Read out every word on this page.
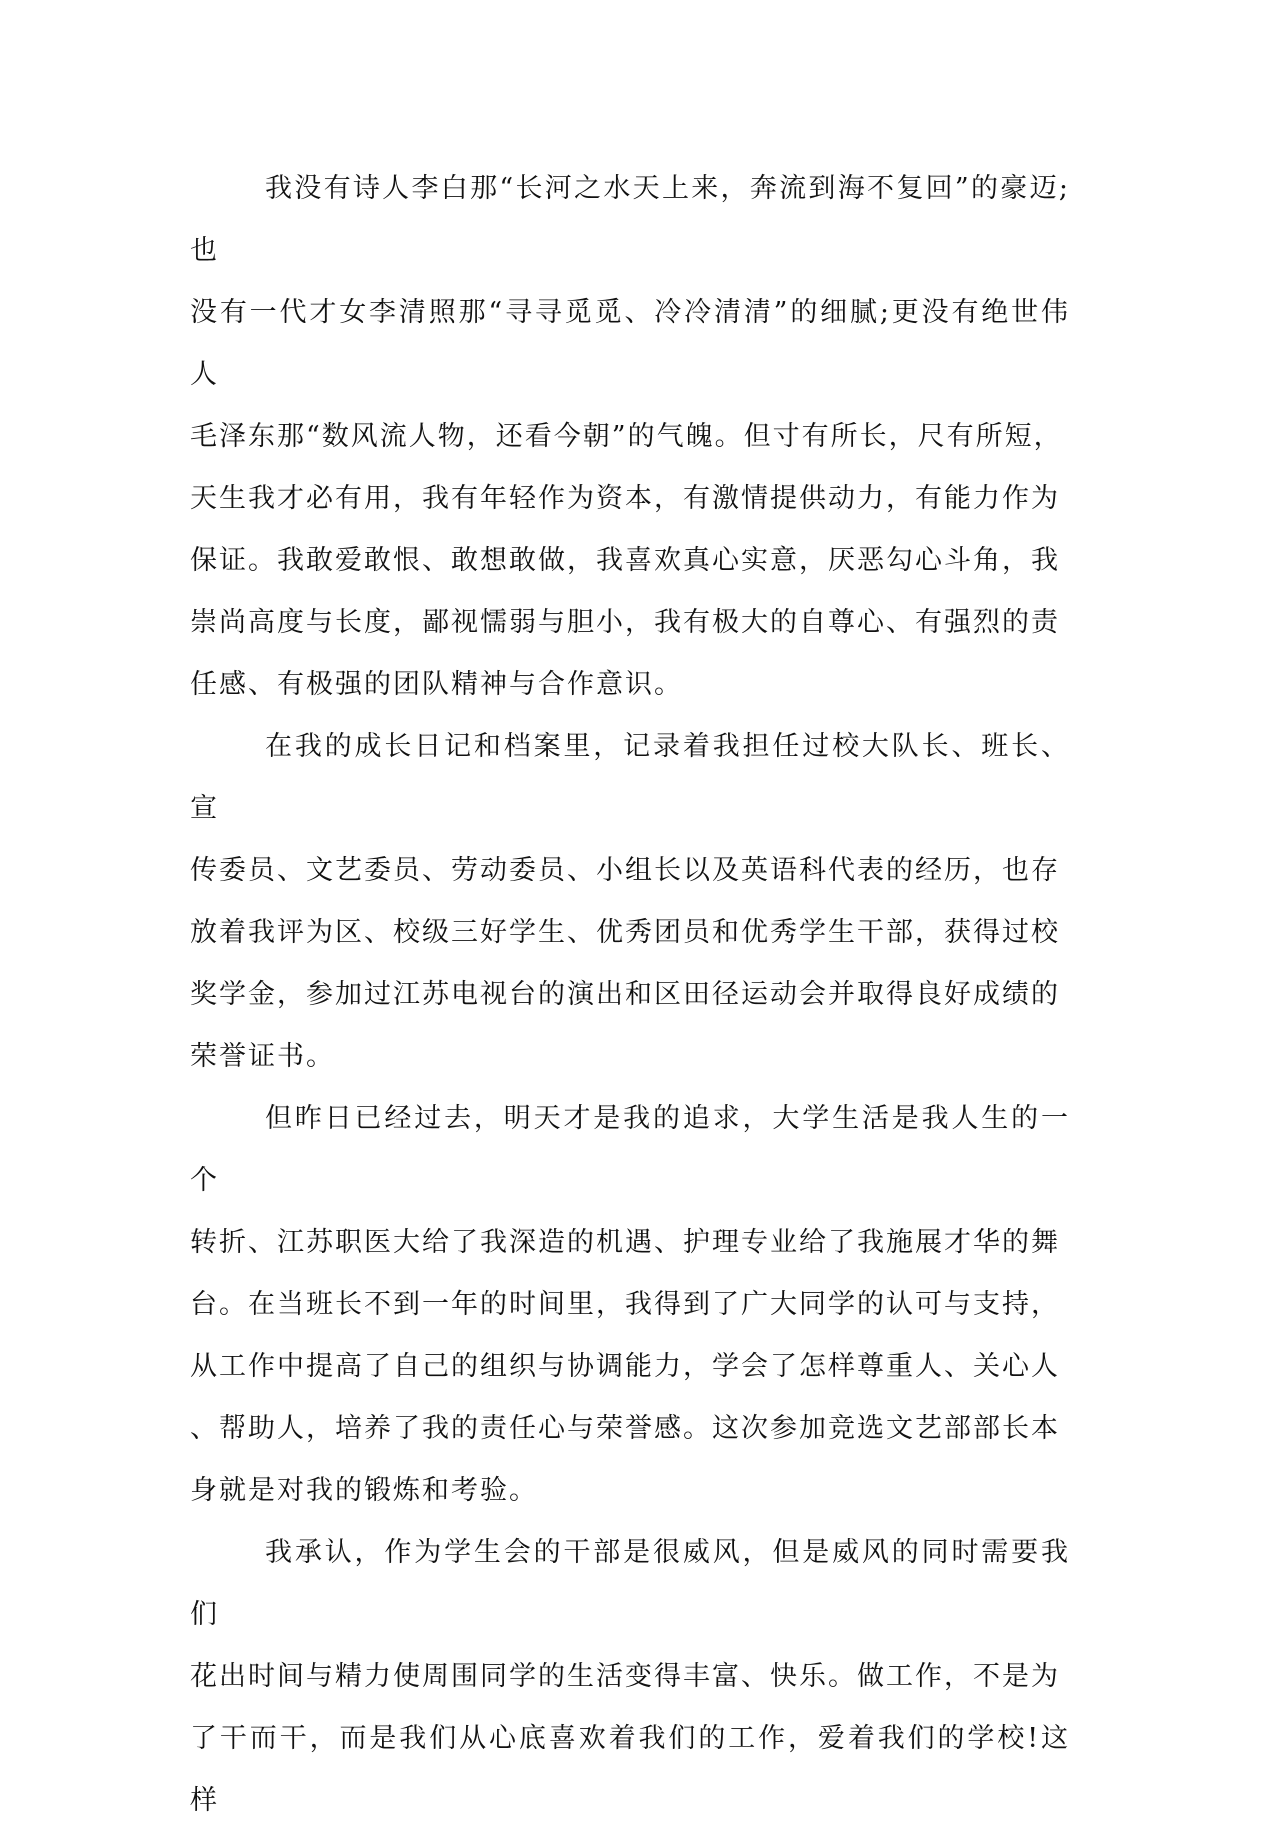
我没有诗人李白那“长河之水天上来，奔流到海不复回”的豪迈;也
没有一代才女李清照那“寻寻觅觅、冷冷清清”的细腻;更没有绝世伟人
毛泽东那“数风流人物，还看今朝”的气魄。但寸有所长，尺有所短，
天生我才必有用，我有年轻作为资本，有激情提供动力，有能力作为
保证。我敢爱敢恨、敢想敢做，我喜欢真心实意，厌恶勾心斗角，我
崇尚高度与长度，鄙视懦弱与胆小，我有极大的自尊心、有强烈的责
任感、有极强的团队精神与合作意识。

在我的成长日记和档案里，记录着我担任过校大队长、班长、宣
传委员、文艺委员、劳动委员、小组长以及英语科代表的经历，也存
放着我评为区、校级三好学生、优秀团员和优秀学生干部，获得过校
奖学金，参加过江苏电视台的演出和区田径运动会并取得良好成绩的
荣誉证书。

但昨日已经过去，明天才是我的追求，大学生活是我人生的一个
转折、江苏职医大给了我深造的机遇、护理专业给了我施展才华的舞
台。在当班长不到一年的时间里，我得到了广大同学的认可与支持，
从工作中提高了自己的组织与协调能力，学会了怎样尊重人、关心人
、帮助人，培养了我的责任心与荣誉感。这次参加竞选文艺部部长本
身就是对我的锻炼和考验。

我承认，作为学生会的干部是很威风，但是威风的同时需要我们
花出时间与精力使周围同学的生活变得丰富、快乐。做工作，不是为
了干而干，而是我们从心底喜欢着我们的工作，爱着我们的学校!这样
